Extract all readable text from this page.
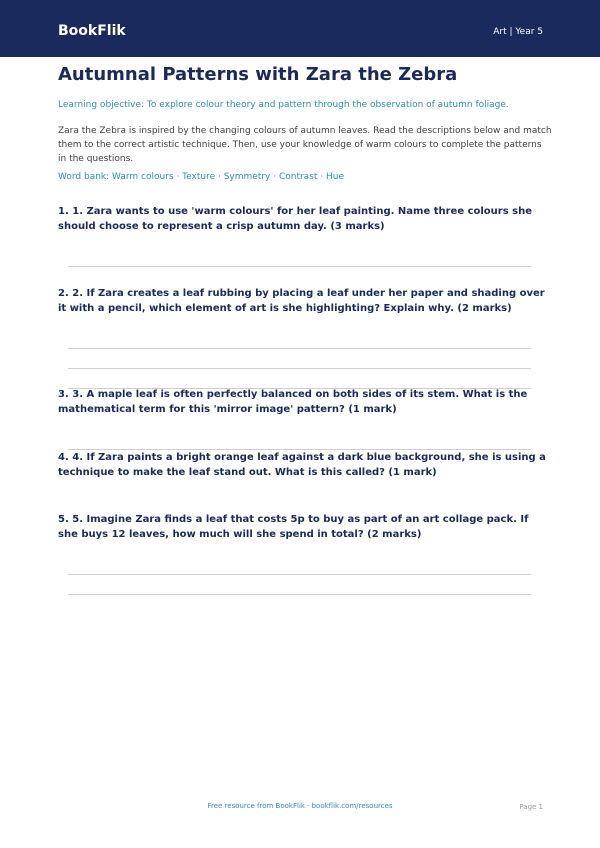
BookFlik	Art | Year 5
Autumnal Patterns with Zara the Zebra
Learning objective: To explore colour theory and pattern through the observation of autumn foliage.
Zara the Zebra is inspired by the changing colours of autumn leaves. Read the descriptions below and match them to the correct artistic technique. Then, use your knowledge of warm colours to complete the patterns in the questions.
Word bank: Warm colours · Texture · Symmetry · Contrast · Hue
1. 1. Zara wants to use 'warm colours' for her leaf painting. Name three colours she should choose to represent a crisp autumn day. (3 marks)
2. 2. If Zara creates a leaf rubbing by placing a leaf under her paper and shading over it with a pencil, which element of art is she highlighting? Explain why. (2 marks)
3. 3. A maple leaf is often perfectly balanced on both sides of its stem. What is the mathematical term for this 'mirror image' pattern? (1 mark)
4. 4. If Zara paints a bright orange leaf against a dark blue background, she is using a technique to make the leaf stand out. What is this called? (1 mark)
5. 5. Imagine Zara finds a leaf that costs 5p to buy as part of an art collage pack. If she buys 12 leaves, how much will she spend in total? (2 marks)
Free resource from BookFlik · bookflik.com/resources	Page 1
